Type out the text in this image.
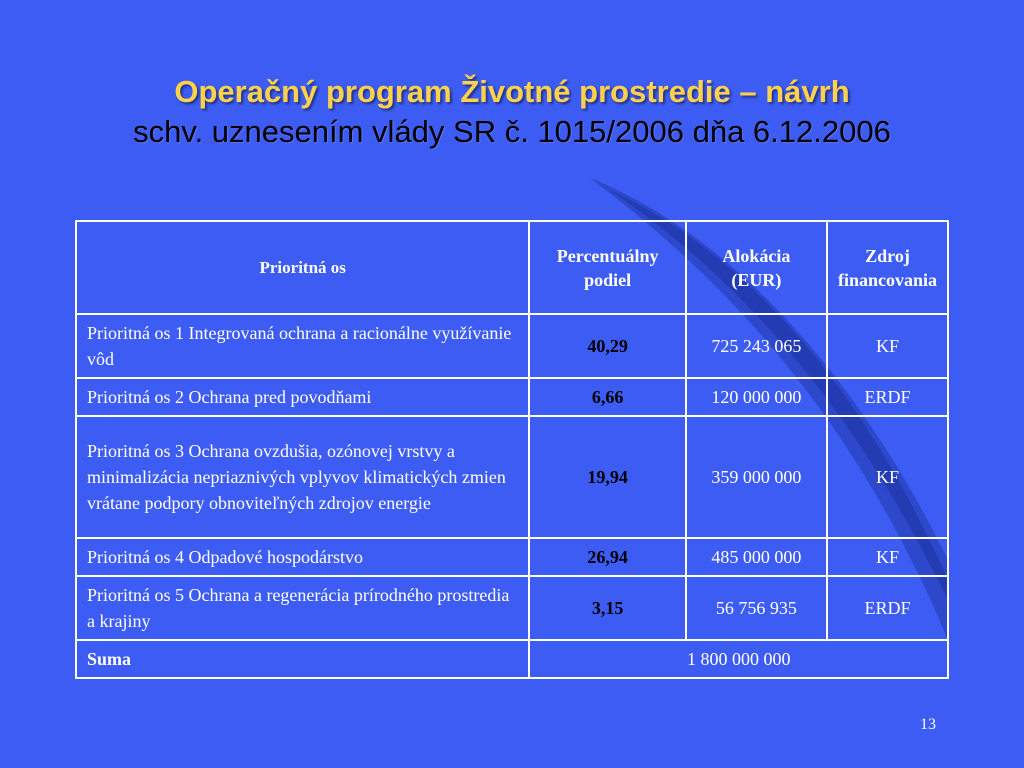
Operačný program Životné prostredie – návrh
schv. uznesením vlády SR č. 1015/2006 dňa 6.12.2006
Prioritná os	Percentuálny podiel	Alokácia (EUR)	Zdroj financovania
Prioritná os 1 Integrovaná ochrana a racionálne využívanie vôd	40,29	725 243 065	KF
Prioritná os 2 Ochrana pred povodňami	6,66	120 000 000	ERDF
Prioritná os 3 Ochrana ovzdušia, ozónovej vrstvy a minimalizácia nepriaznivých vplyvov klimatických zmien vrátane podpory obnoviteľných zdrojov energie	19,94	359 000 000	KF
Prioritná os 4 Odpadové hospodárstvo	26,94	485 000 000	KF
Prioritná os 5 Ochrana a regenerácia prírodného prostredia a krajiny	3,15	56 756 935	ERDF
Suma	1 800 000 000		
13
